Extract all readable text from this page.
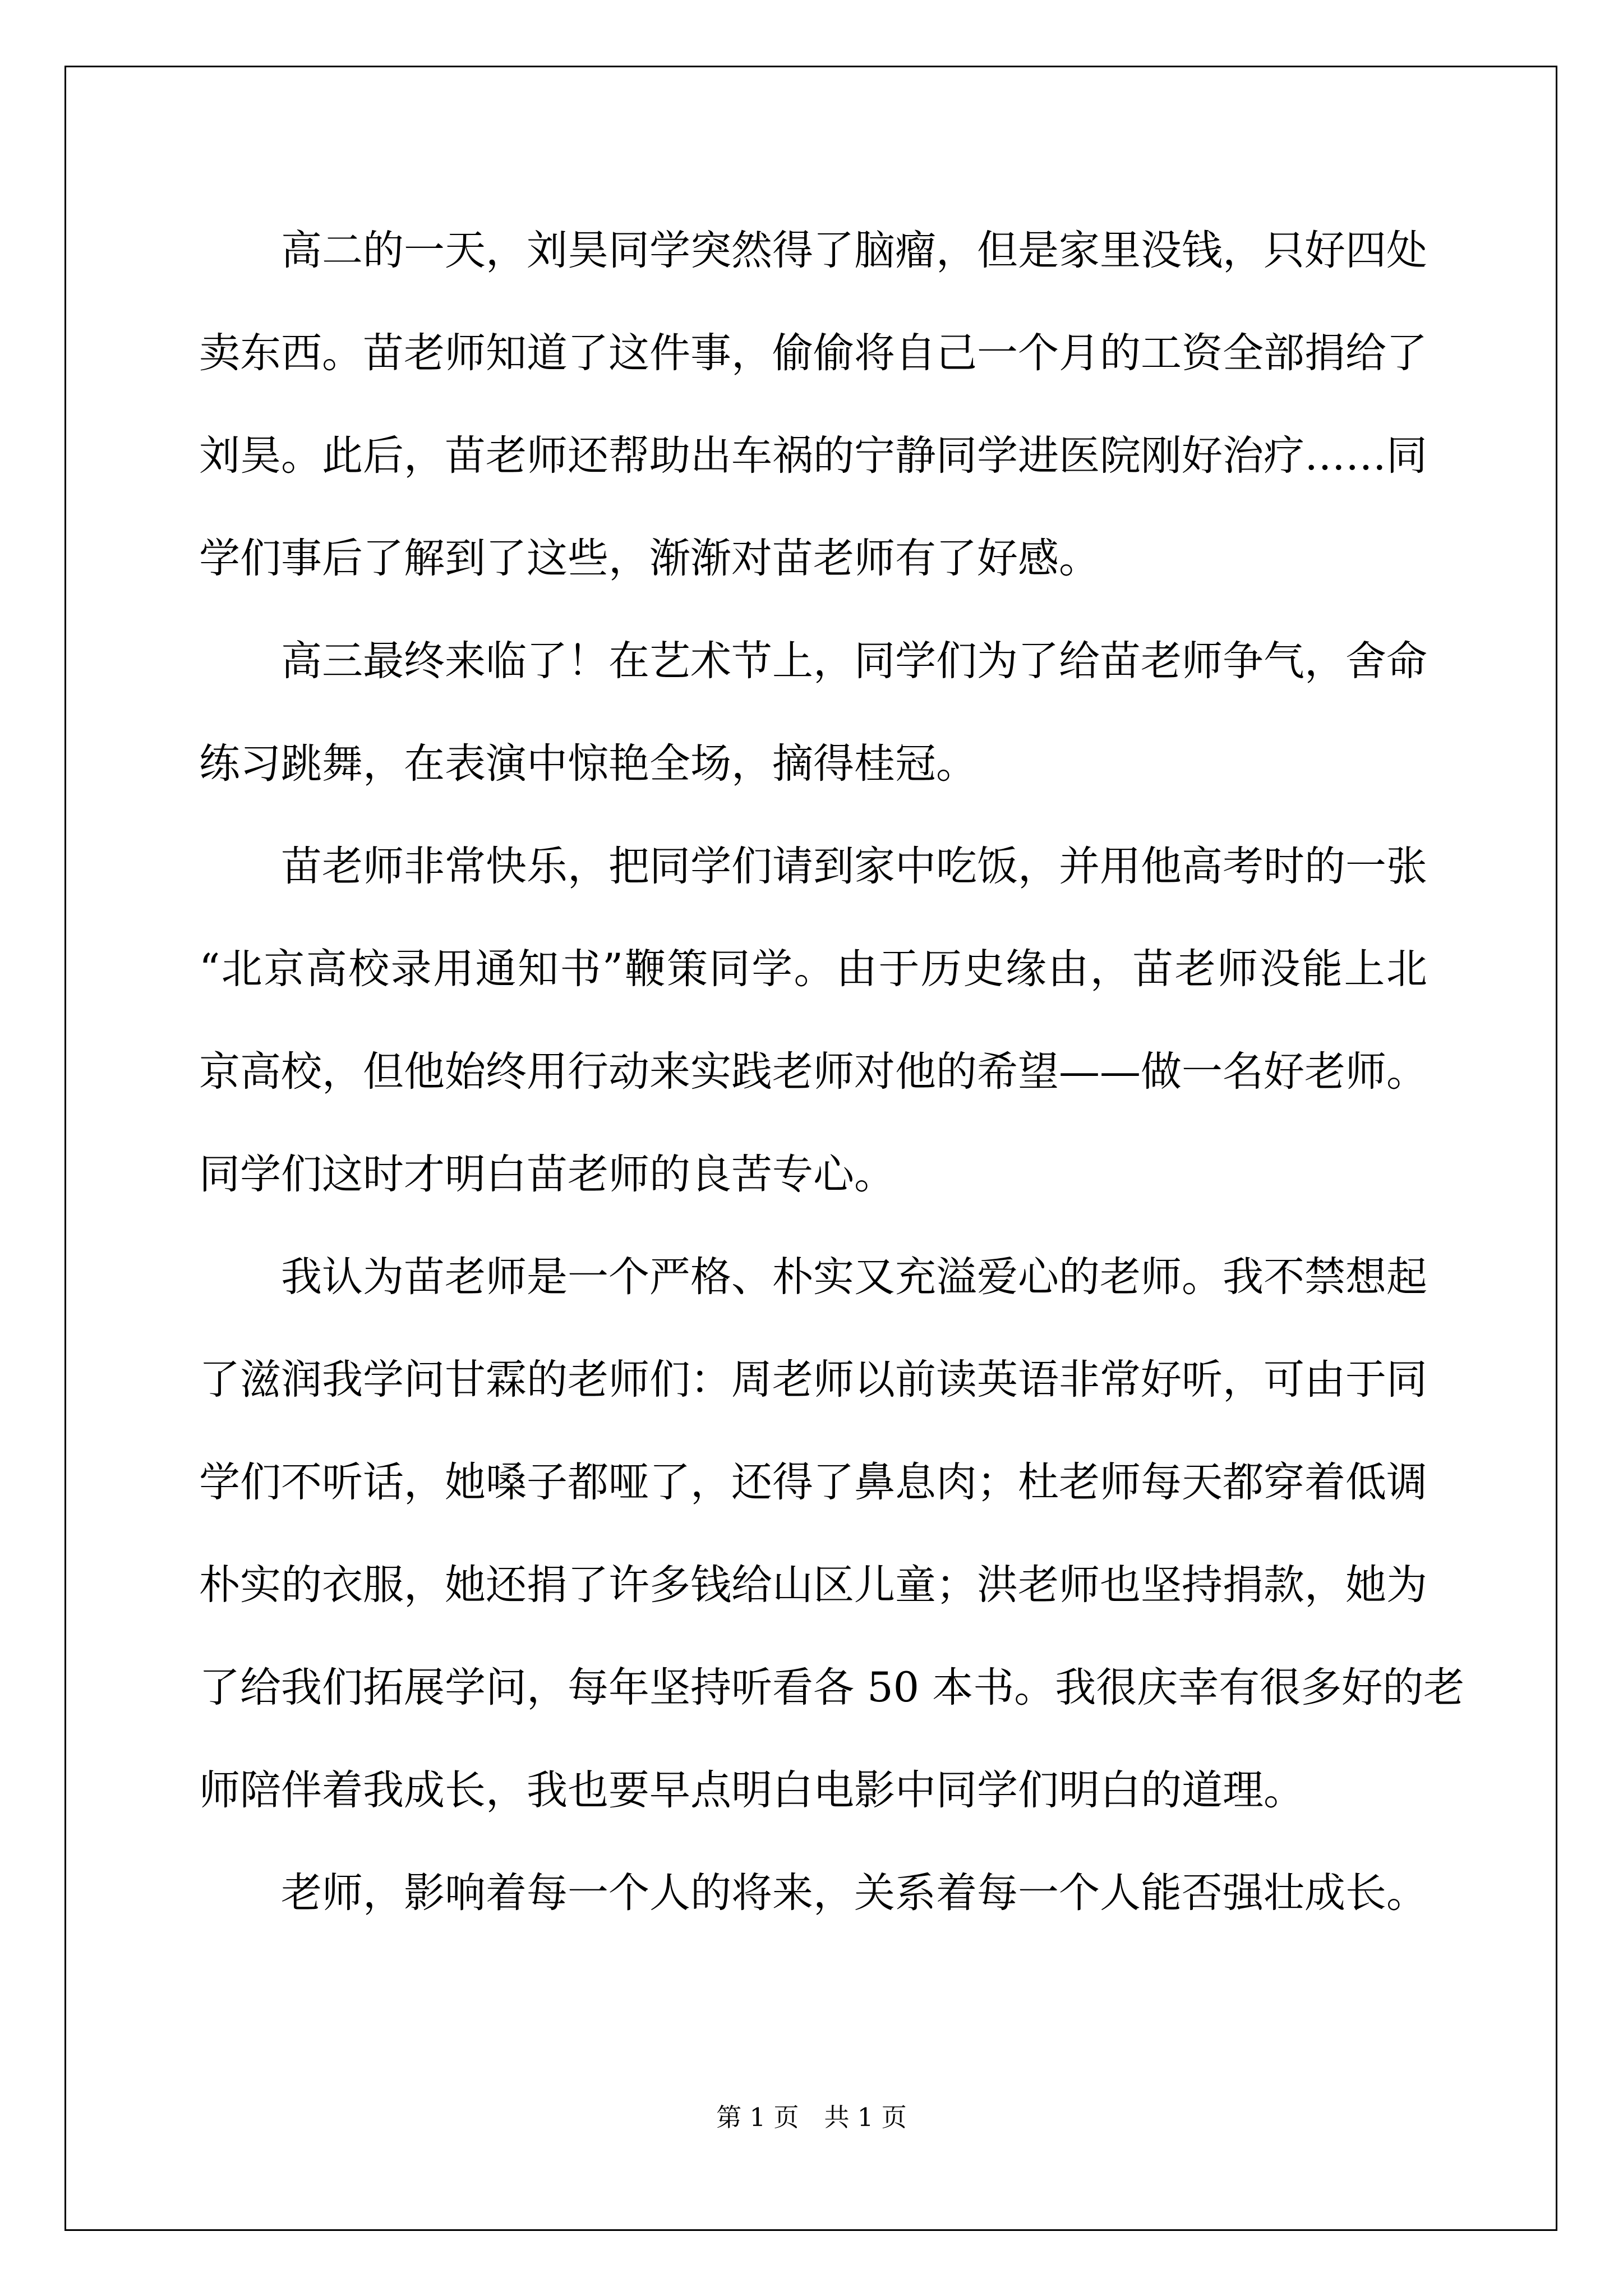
高二的一天，刘昊同学突然得了脑瘤，但是家里没钱，只好四处
卖东西。苗老师知道了这件事，偷偷将自己一个月的工资全部捐给了
刘昊。此后，苗老师还帮助出车祸的宁静同学进医院刚好治疗……同
学们事后了解到了这些，渐渐对苗老师有了好感。
高三最终来临了！在艺术节上，同学们为了给苗老师争气，舍命
练习跳舞，在表演中惊艳全场，摘得桂冠。
苗老师非常快乐，把同学们请到家中吃饭，并用他高考时的一张
“北京高校录用通知书”鞭策同学。由于历史缘由，苗老师没能上北
京高校，但他始终用行动来实践老师对他的希望——做一名好老师。
同学们这时才明白苗老师的良苦专心。
我认为苗老师是一个严格、朴实又充溢爱心的老师。我不禁想起
了滋润我学问甘霖的老师们：周老师以前读英语非常好听，可由于同
学们不听话，她嗓子都哑了，还得了鼻息肉；杜老师每天都穿着低调
朴实的衣服，她还捐了许多钱给山区儿童；洪老师也坚持捐款，她为
了给我们拓展学问，每年坚持听看各 50 本书。我很庆幸有很多好的老
师陪伴着我成长，我也要早点明白电影中同学们明白的道理。
老师，影响着每一个人的将来，关系着每一个人能否强壮成长。
第 1 页　共 1 页
